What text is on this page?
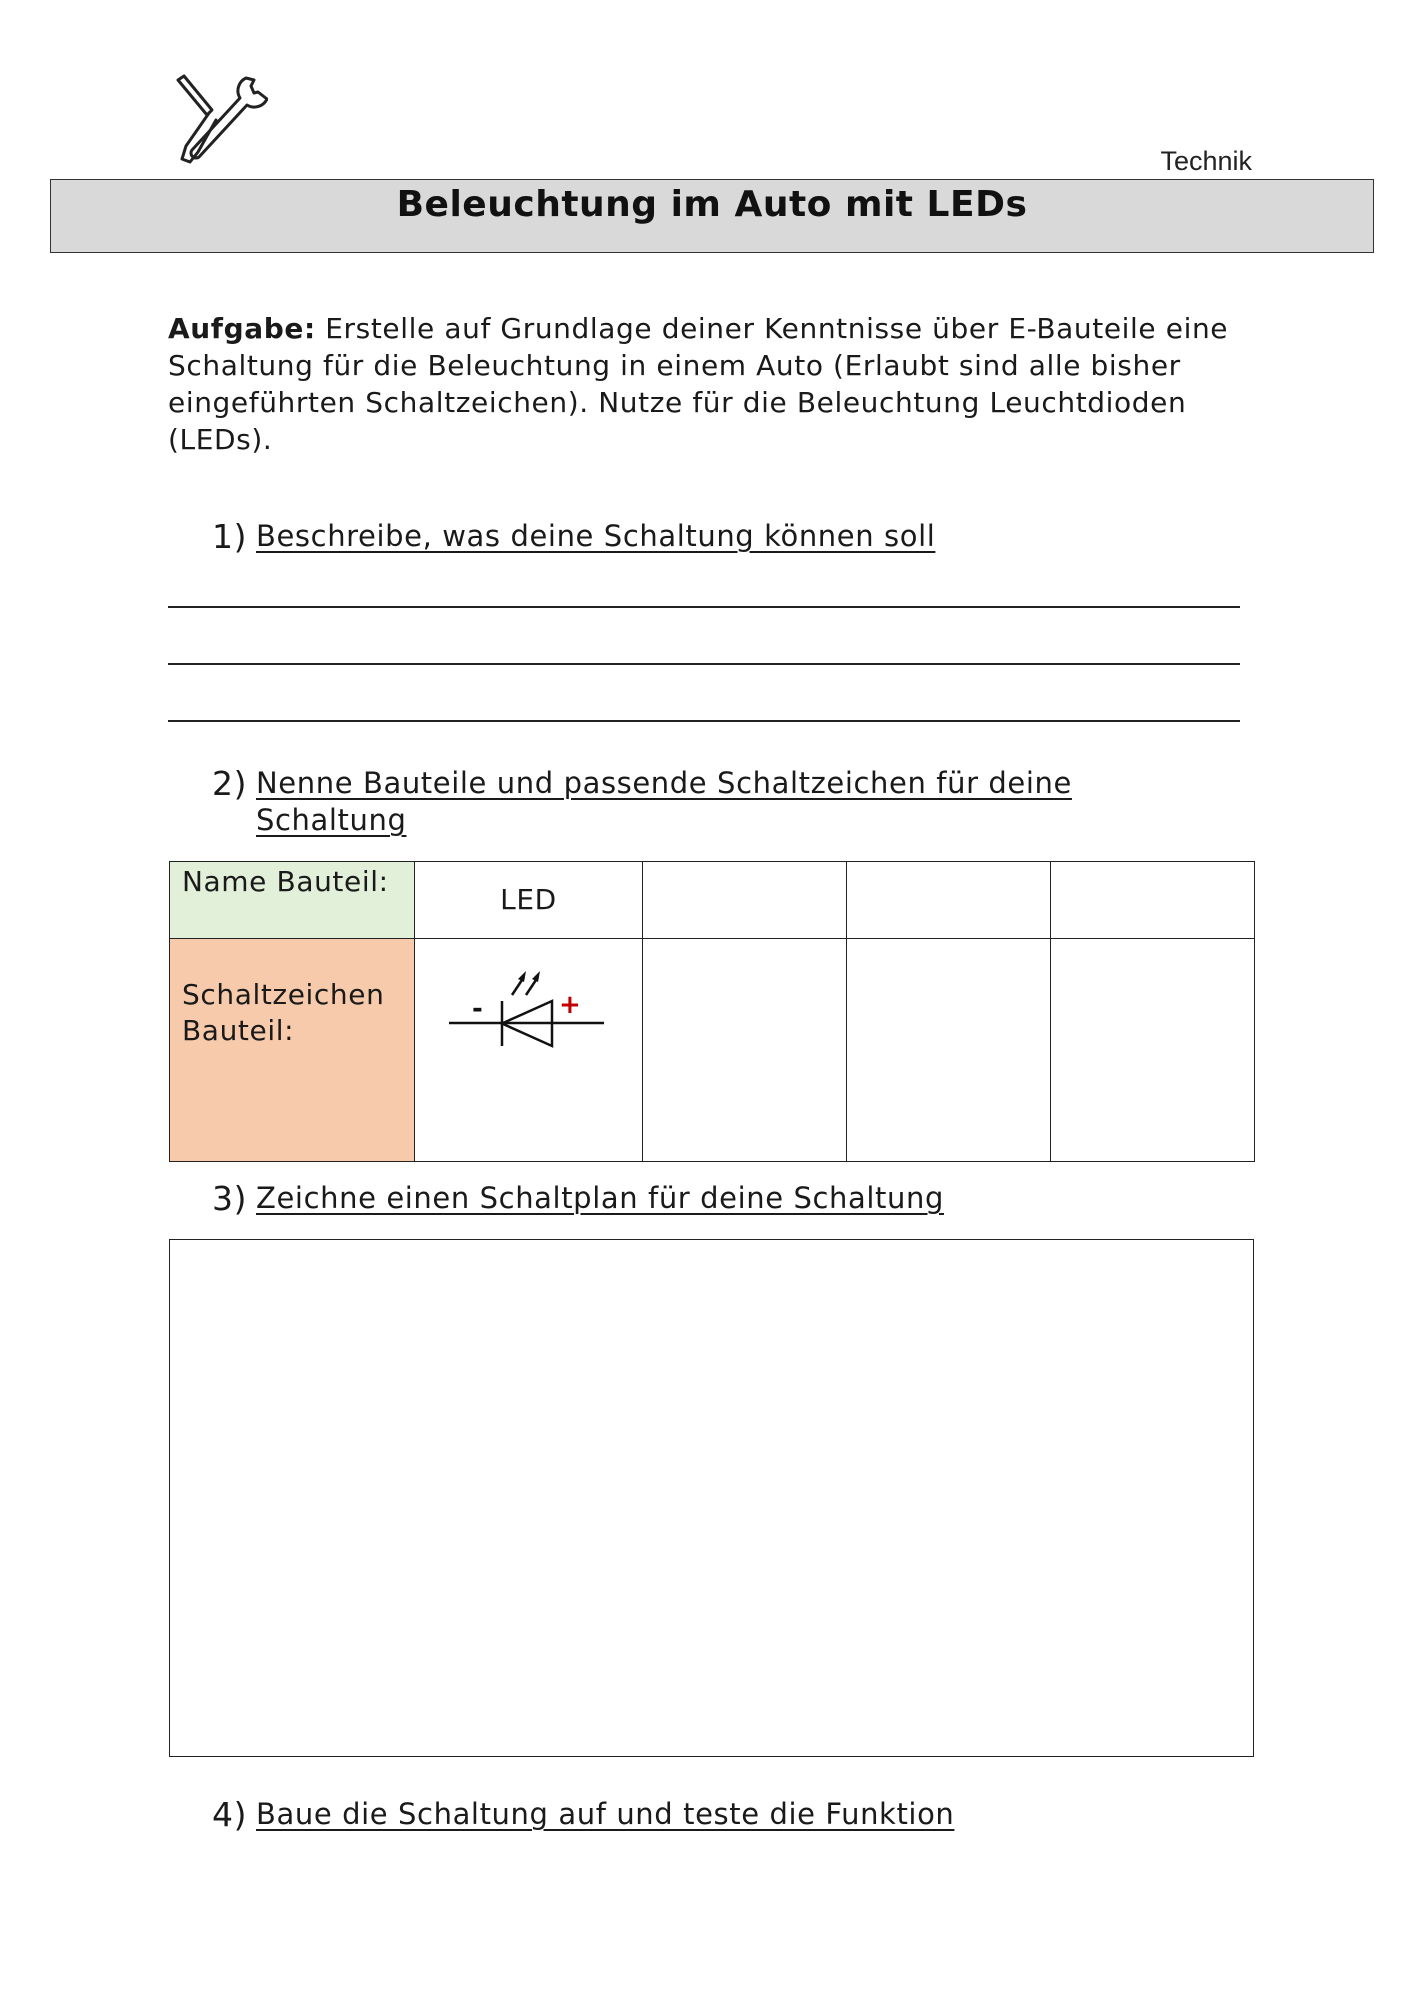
Technik
Beleuchtung im Auto mit LEDs

Aufgabe: Erstelle auf Grundlage deiner Kenntnisse über E-Bauteile eine Schaltung für die Beleuchtung in einem Auto (Erlaubt sind alle bisher eingeführten Schaltzeichen). Nutze für die Beleuchtung Leuchtdioden (LEDs).

1) Beschreibe, was deine Schaltung können soll
2) Nenne Bauteile und passende Schaltzeichen für deine Schaltung
Name Bauteil:	LED			
Schaltzeichen Bauteil:	- +			

3) Zeichne einen Schaltplan für deine Schaltung
4) Baue die Schaltung auf und teste die Funktion
